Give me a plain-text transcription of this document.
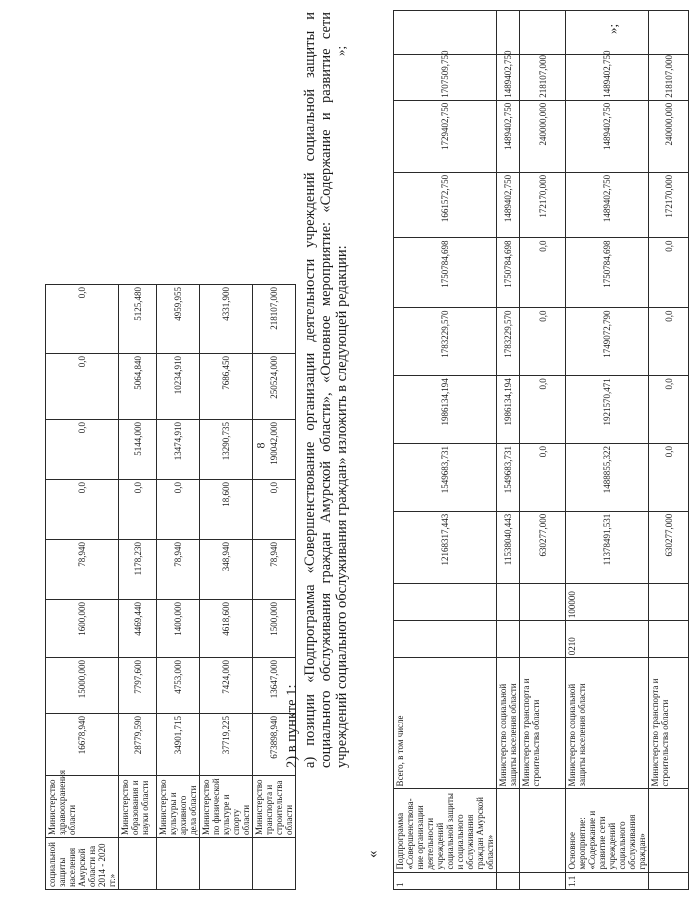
8
социальной защиты населения Амурской области на 2014 - 2020 гг.»	Министерство здравоохранения области	16678,940	15000,000	1600,000	78,940	0,0	0,0	0,0	0,0
	Министерство образования и науки области	28779,590	7797,600	4469,440	1178,230	0,0	5144,000	5064,840	5125,480
	Министерство культуры и архивного дела области	34901,715	4753,000	1400,000	78,940	0,0	13474,910	10234,910	4959,955
	Министерство по физической культуре и спорту области	37719,225	7424,000	4618,600	348,940	18,600	13290,735	7686,450	4331,900
	Министерство транспорта и строительства области	673898,940	13647,000	1500,000	78,940	0,0	190042,000	250524,000	218107,000
»;
2) в пункте 1: а) позиции «Подпрограмма «Совершенствование организации деятельности учреждений социальной защиты и социального обслуживания граждан Амурской области», «Основное мероприятие: «Содержание и развитие сети учреждений социального обслуживания граждан» изложить в следующей редакции:
«
1	Подпрограмма «Совершенствова-ние организации деятельности учреждений социальной защиты и социального обслуживания граждан Амурской области»	Всего, в том числе			12168317,443	1549683,731	1986134,194	1783229,570	1750784,698	1661572,750	1729402,750	1707509,750	
		Министерство социальной защиты населения области			11538040,443	1549683,731	1986134,194	1783229,570	1750784,698	1489402,750	1489402,750	1489402,750	
		Министерство транспорта и строительства области			630277,000	0,0	0,0	0,0	0,0	172170,000	240000,000	218107,000	
1.1	Основное мероприятие: «Содержание и развитие сети учреждений социального обслуживания граждан»	Министерство социальной защиты населения области	0210	100000	11378491,531	1488855,322	1921570,471	1749072,790	1750784,698	1489402,750	1489402,750	1489402,750	
		Министерство транспорта и строительства области			630277,000	0,0	0,0	0,0	0,0	172170,000	240000,000	218107,000	
»;
